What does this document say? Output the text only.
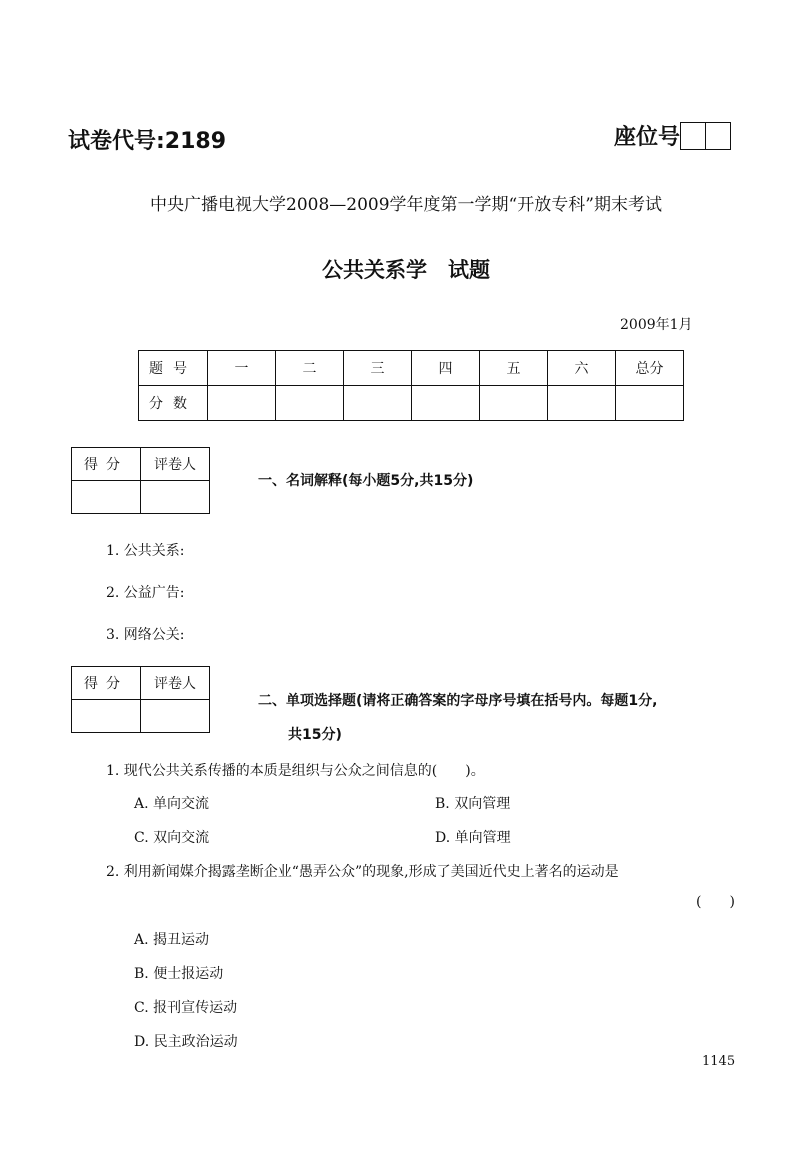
试卷代号:2189	座位号
中央广播电视大学2008—2009学年度第一学期“开放专科”期末考试
公共关系学　试题
2009年1月
题号	一	二	三	四	五	六	总分
分数							
得分	评卷人

一、名词解释(每小题5分,共15分)
1. 公共关系:
2. 公益广告:
3. 网络公关:
得分	评卷人

二、单项选择题(请将正确答案的字母序号填在括号内。每题1分,
共15分)
1. 现代公共关系传播的本质是组织与公众之间信息的(　　)。
A. 单向交流	B. 双向管理
C. 双向交流	D. 单向管理
2. 利用新闻媒介揭露垄断企业“愚弄公众”的现象,形成了美国近代史上著名的运动是
(　　)
A. 揭丑运动
B. 便士报运动
C. 报刊宣传运动
D. 民主政治运动
1145
